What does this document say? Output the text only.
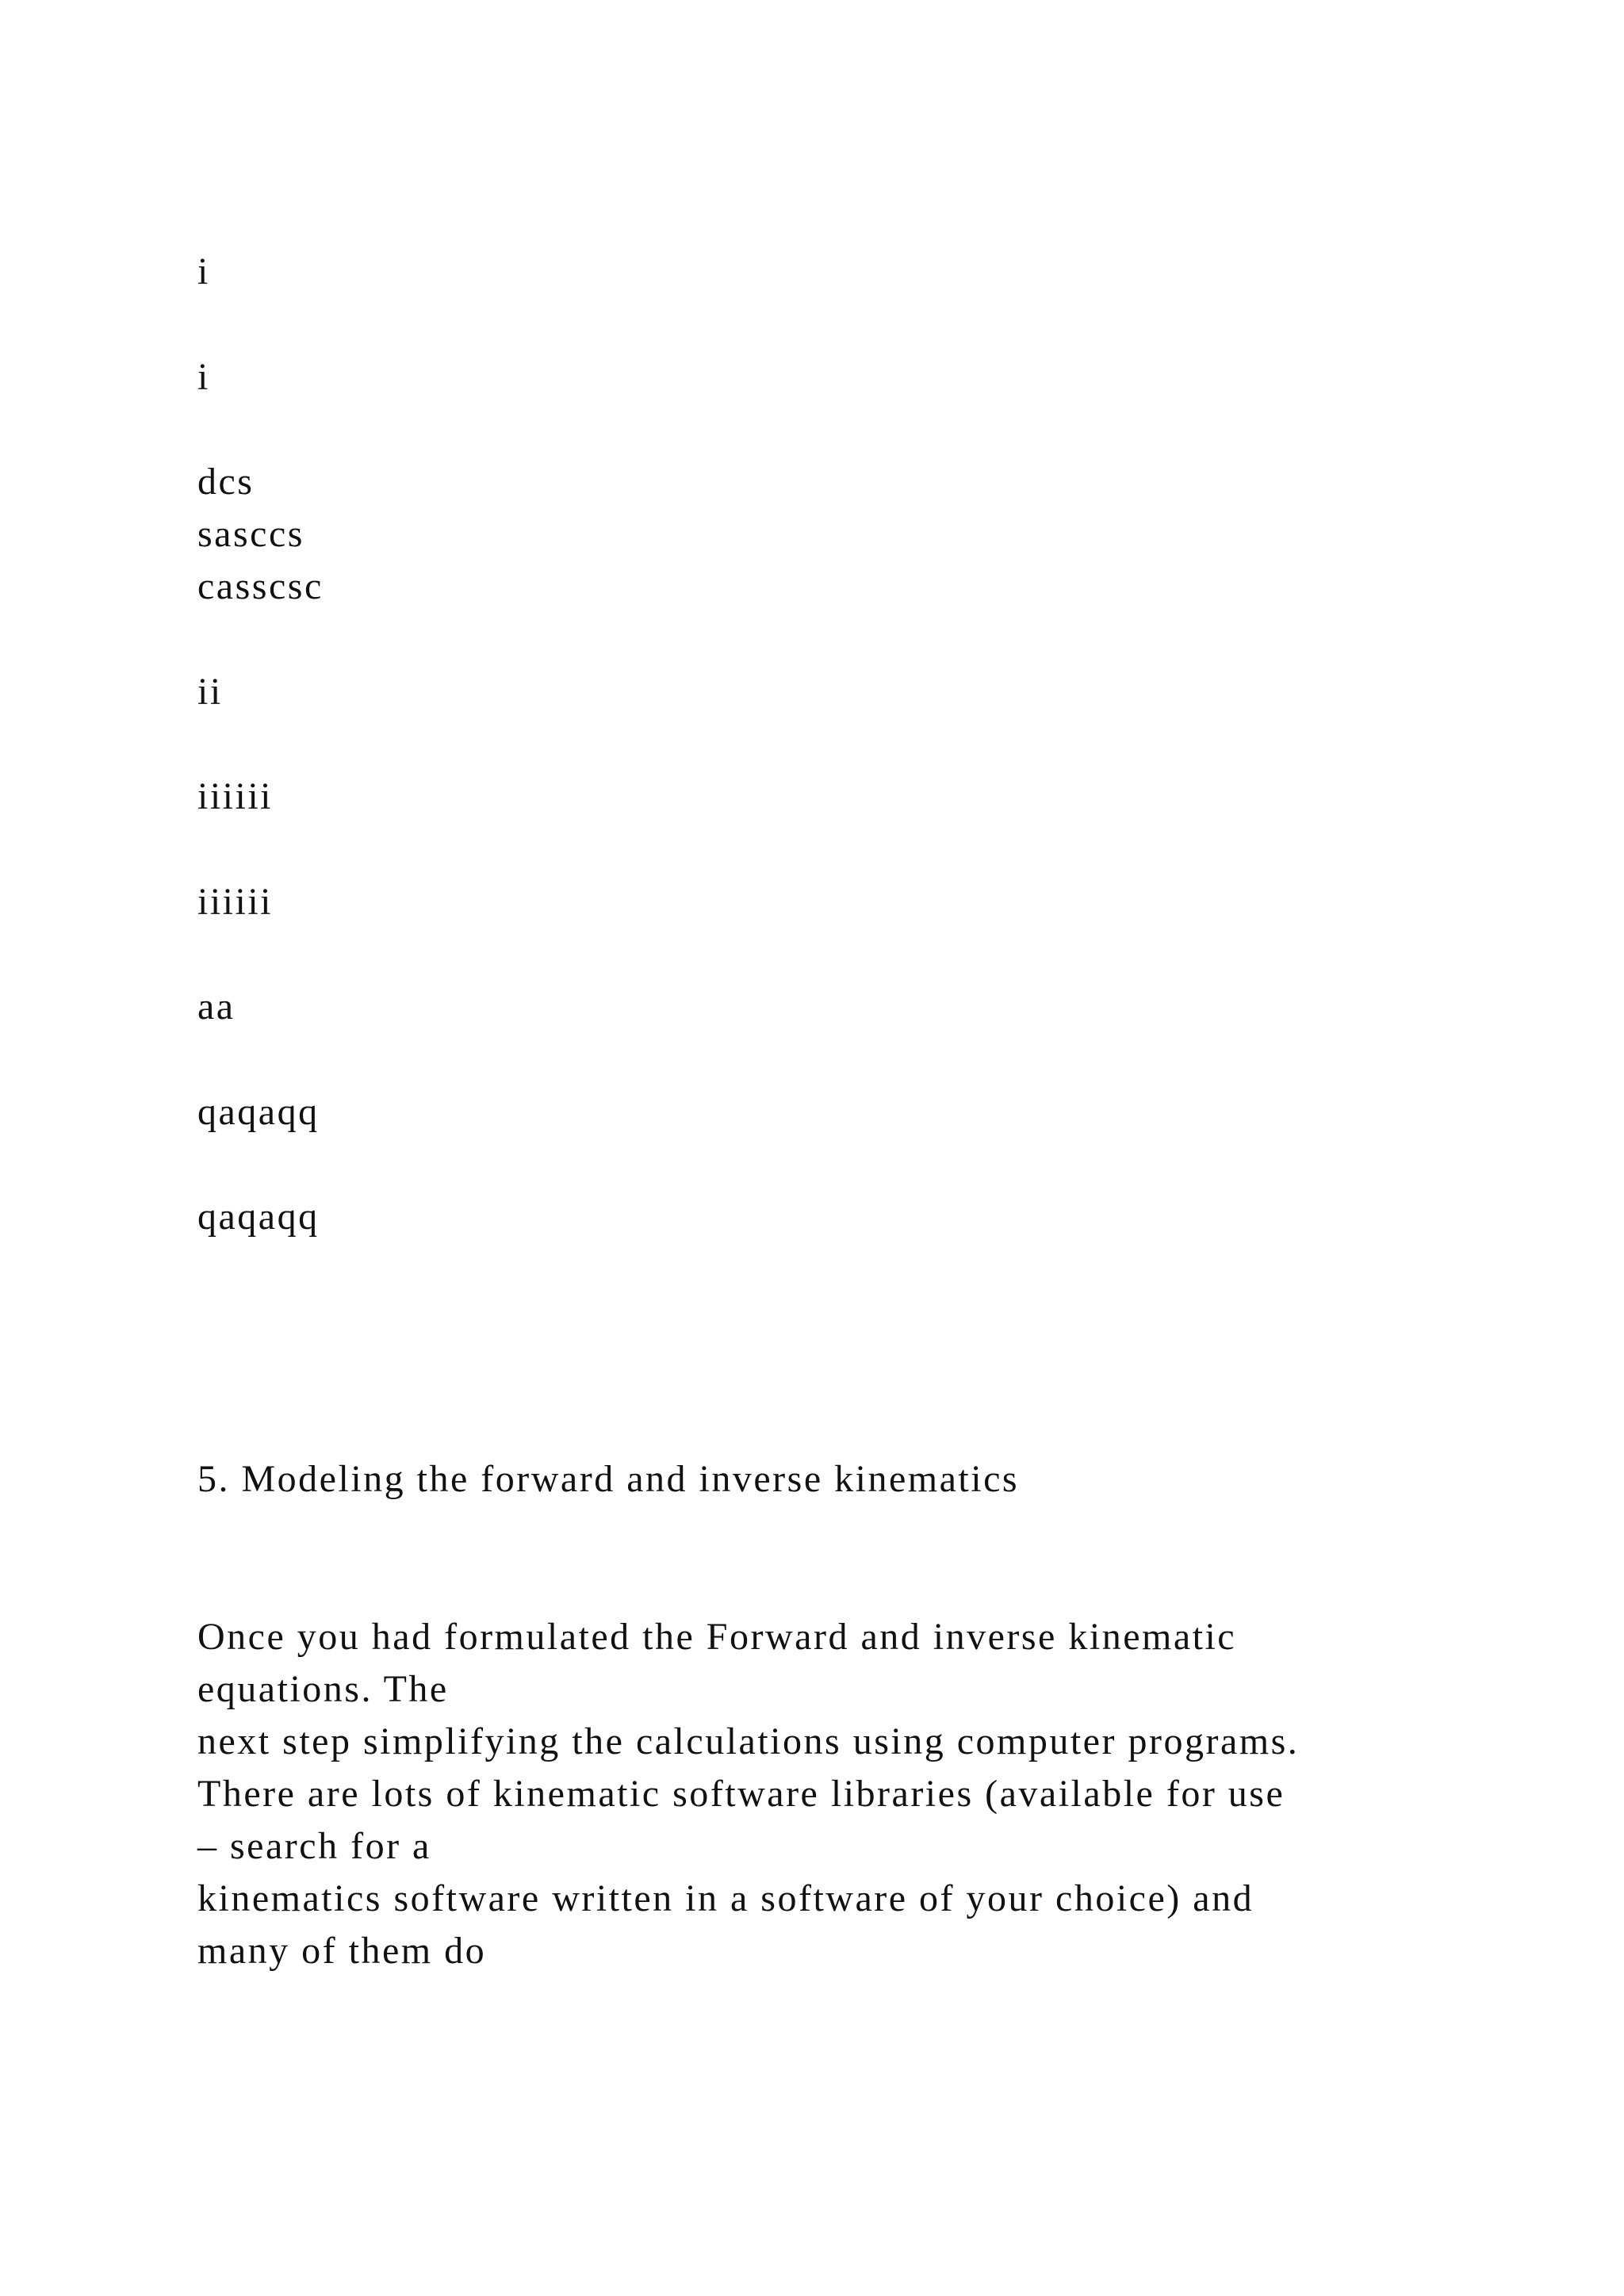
i
i
dcs
sasccs
casscsc
ii
iiiiii
iiiiii
aa
qaqaqq
qaqaqq
5. Modeling the forward and inverse kinematics
Once you had formulated the Forward and inverse kinematic
equations. The
next step simplifying the calculations using computer programs.
There are lots of kinematic software libraries (available for use
– search for a
kinematics software written in a software of your choice) and
many of them do
